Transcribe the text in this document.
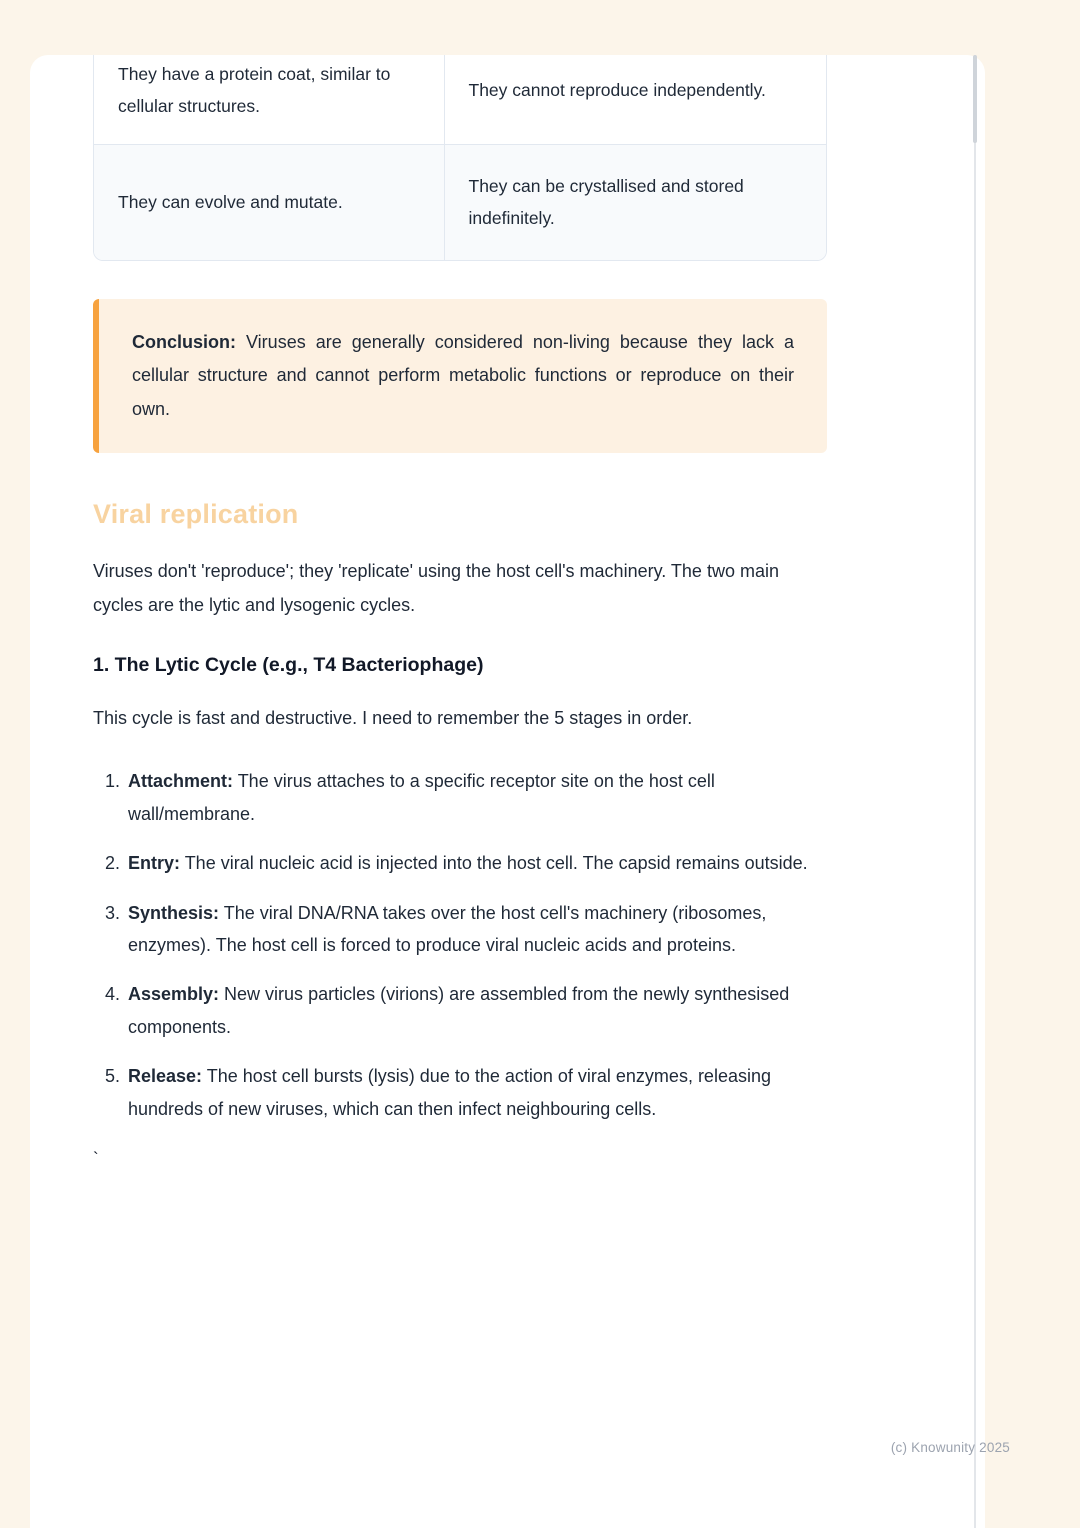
They have a protein coat, similar to cellular structures.	They cannot reproduce independently.
They can evolve and mutate.	They can be crystallised and stored indefinitely.
Conclusion: Viruses are generally considered non-living because they lack a cellular structure and cannot perform metabolic functions or reproduce on their own.
Viral replication
Viruses don't 'reproduce'; they 'replicate' using the host cell's machinery. The two main cycles are the lytic and lysogenic cycles.
1. The Lytic Cycle (e.g., T4 Bacteriophage)
This cycle is fast and destructive. I need to remember the 5 stages in order.
1. Attachment: The virus attaches to a specific receptor site on the host cell wall/membrane.
2. Entry: The viral nucleic acid is injected into the host cell. The capsid remains outside.
3. Synthesis: The viral DNA/RNA takes over the host cell's machinery (ribosomes, enzymes). The host cell is forced to produce viral nucleic acids and proteins.
4. Assembly: New virus particles (virions) are assembled from the newly synthesised components.
5. Release: The host cell bursts (lysis) due to the action of viral enzymes, releasing hundreds of new viruses, which can then infect neighbouring cells.
`
(c) Knowunity 2025
